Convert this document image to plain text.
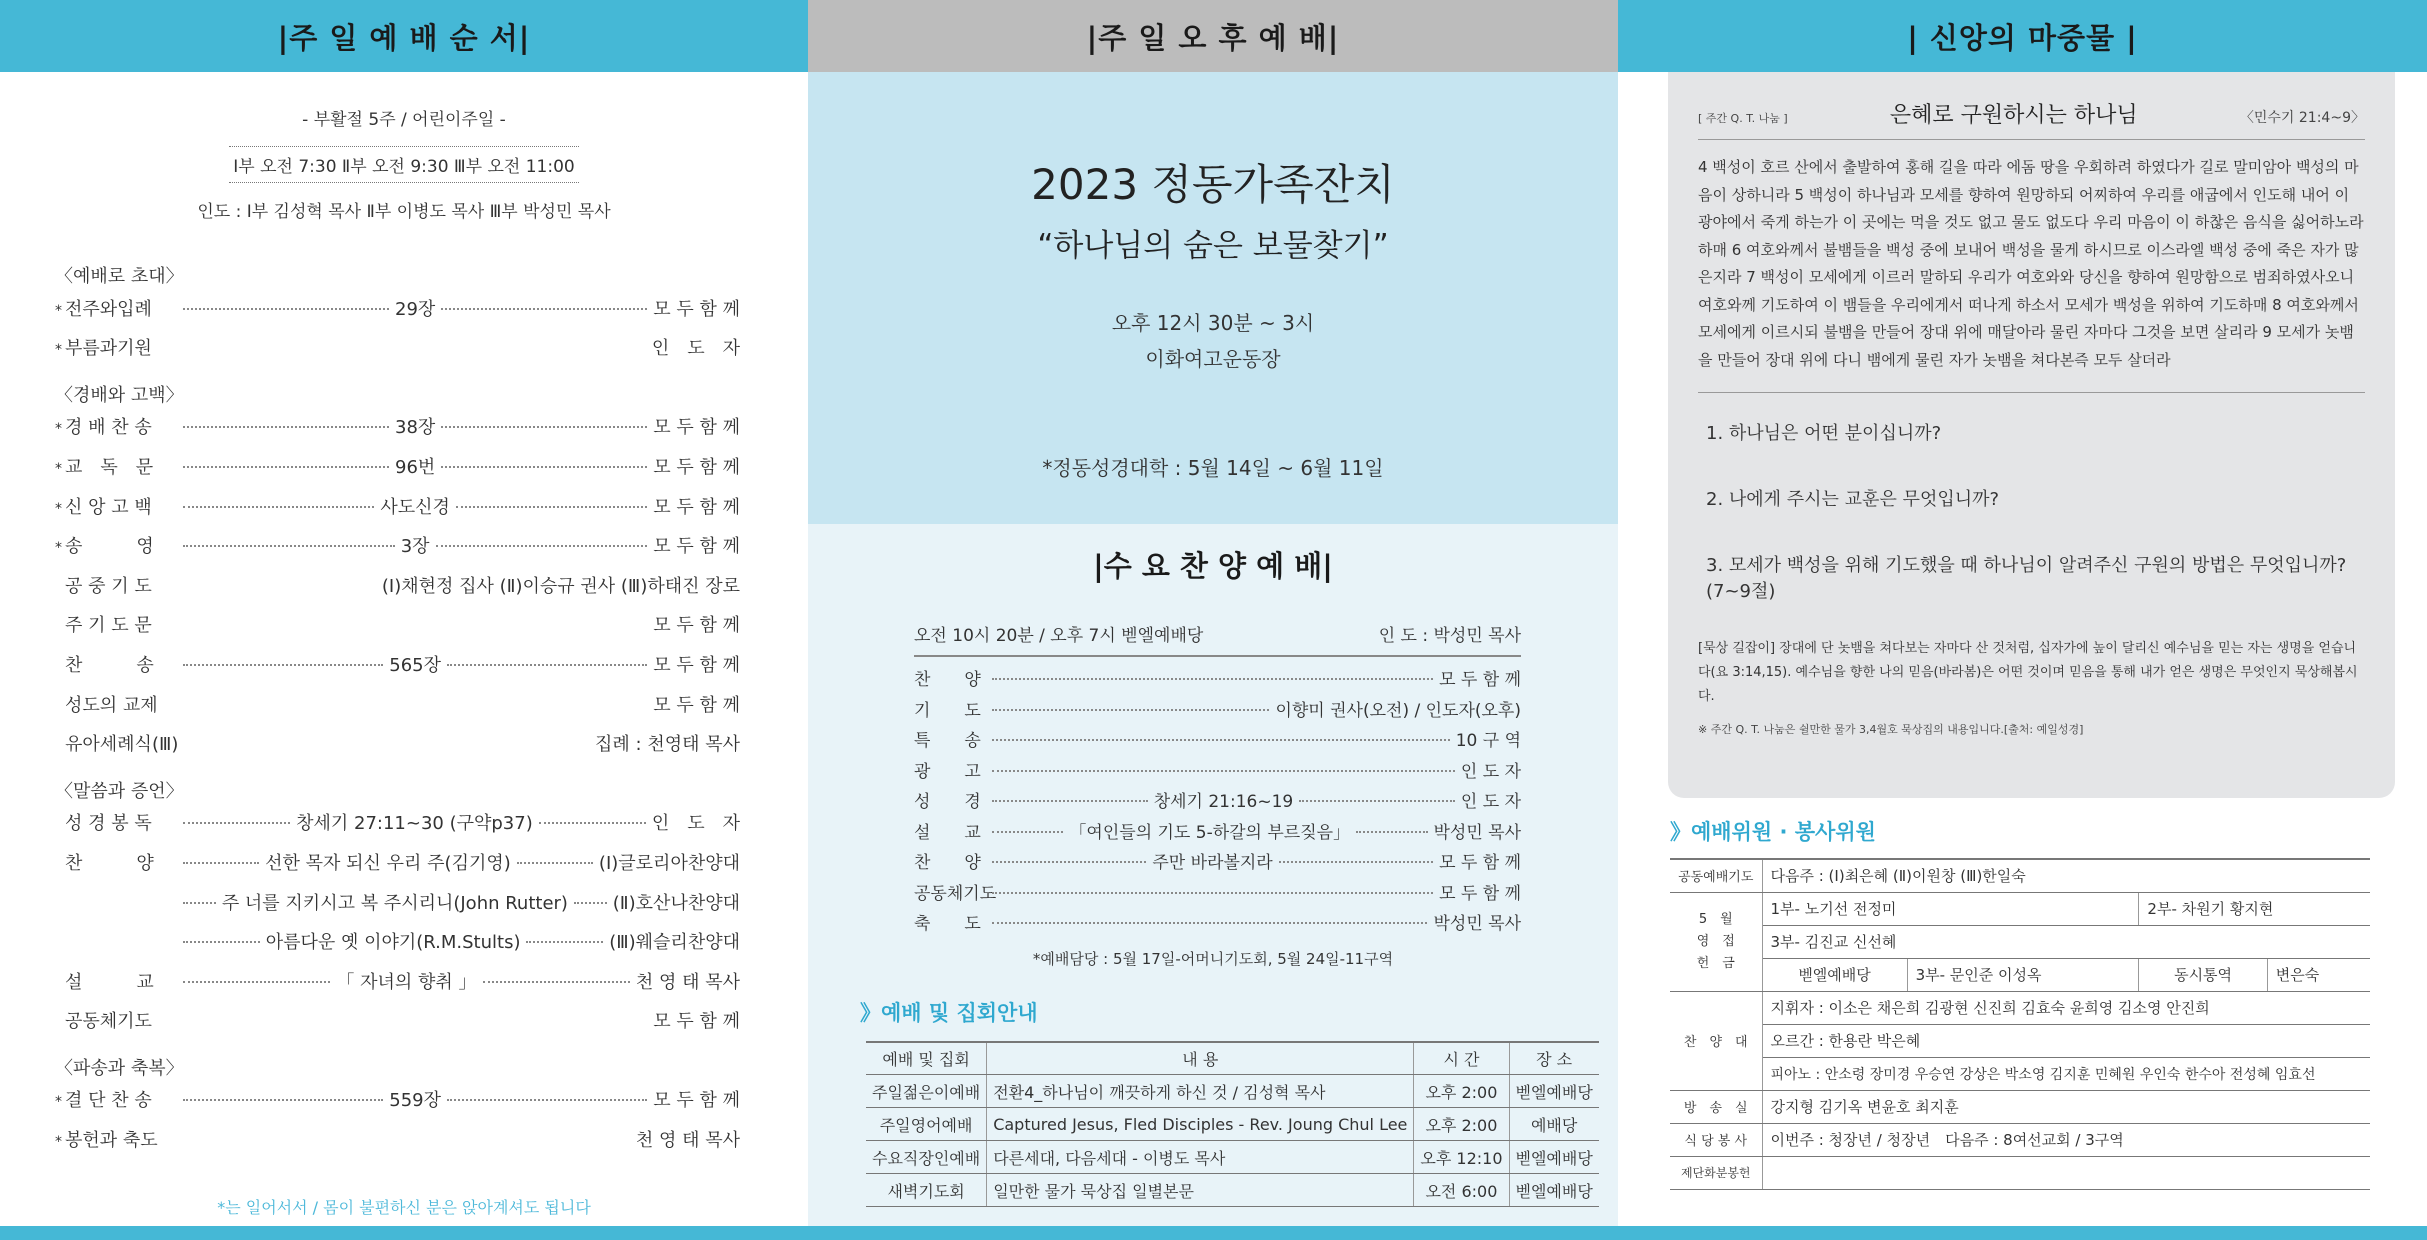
|주 일 예 배 순 서|
- 부활절 5주 / 어린이주일 -
Ⅰ부 오전 7:30 Ⅱ부 오전 9:30 Ⅲ부 오전 11:00
인도 : Ⅰ부 김성혁 목사 Ⅱ부 이병도 목사 Ⅲ부 박성민 목사
〈예배로 초대〉
* 전주와입례	29장	모 두 함 께
* 부름과기원	인　도　자
〈경배와 고백〉
* 경 배 찬 송	38장	모 두 함 께
* 교　독　문	96번	모 두 함 께
* 신 앙 고 백	사도신경	모 두 함 께
* 송　　　영	3장	모 두 함 께
공 중 기 도	(Ⅰ)채현정 집사 (Ⅱ)이승규 권사 (Ⅲ)하태진 장로
주 기 도 문	모 두 함 께
찬　　　송	565장	모 두 함 께
성도의 교제	모 두 함 께
유아세례식(Ⅲ)	집례 : 천영태 목사
〈말씀과 증언〉
성 경 봉 독	창세기 27:11~30 (구약p37)	인　도　자
찬　　　양	선한 목자 되신 우리 주(김기영)	(Ⅰ)글로리아찬양대
주 너를 지키시고 복 주시리니(John Rutter) (Ⅱ)호산나찬양대
아름다운 옛 이야기(R.M.Stults)	(Ⅲ)웨슬리찬양대
설　　　교	「 자녀의 향취 」	천 영 태 목사
공동체기도	모 두 함 께
〈파송과 축복〉
* 결 단 찬 송	559장	모 두 함 께
* 봉헌과 축도	천 영 태 목사
*는 일어서서 / 몸이 불편하신 분은 앉아계셔도 됩니다
|주 일 오 후 예 배|
2023 정동가족잔치
“하나님의 숨은 보물찾기”
오후 12시 30분 ~ 3시
이화여고운동장
*정동성경대학 : 5월 14일 ~ 6월 11일
|수 요 찬 양 예 배|
오전 10시 20분 / 오후 7시 벧엘예배당	인 도 : 박성민 목사
찬　　양	모 두 함 께
기　　도	이향미 권사(오전) / 인도자(오후)
특　　송	10 구 역
광　　고	인 도 자
성　　경	창세기 21:16~19	인 도 자
설　　교	「여인들의 기도 5-하갈의 부르짖음」	박성민 목사
찬　　양	주만 바라볼지라	모 두 함 께
공동체기도	모 두 함 께
축　　도	박성민 목사
*예배담당 : 5월 17일-어머니기도회, 5월 24일-11구역
》예배 및 집회안내
예배 및 집회	내 용	시 간	장 소
주일젊은이예배	전환4_하나님이 깨끗하게 하신 것 / 김성혁 목사	오후 2:00	벧엘예배당
주일영어예배	Captured Jesus, Fled Disciples - Rev. Joung Chul Lee	오후 2:00	예배당
수요직장인예배	다른세대, 다음세대 - 이병도 목사	오후 12:10	벧엘예배당
새벽기도회	일만한 물가 묵상집 일별본문	오전 6:00	벧엘예배당
| 신앙의 마중물 |
[ 주간 Q. T. 나눔 ]	은혜로 구원하시는 하나님	〈민수기 21:4~9〉
4 백성이 호르 산에서 출발하여 홍해 길을 따라 에돔 땅을 우회하려 하였다가 길로 말미암아 백성의 마음이 상하니라 5 백성이 하나님과 모세를 향하여 원망하되 어찌하여 우리를 애굽에서 인도해 내어 이 광야에서 죽게 하는가 이 곳에는 먹을 것도 없고 물도 없도다 우리 마음이 이 하찮은 음식을 싫어하노라 하매 6 여호와께서 불뱀들을 백성 중에 보내어 백성을 물게 하시므로 이스라엘 백성 중에 죽은 자가 많은지라 7 백성이 모세에게 이르러 말하되 우리가 여호와와 당신을 향하여 원망함으로 범죄하였사오니 여호와께 기도하여 이 뱀들을 우리에게서 떠나게 하소서 모세가 백성을 위하여 기도하매 8 여호와께서 모세에게 이르시되 불뱀을 만들어 장대 위에 매달아라 물린 자마다 그것을 보면 살리라 9 모세가 놋뱀을 만들어 장대 위에 다니 뱀에게 물린 자가 놋뱀을 쳐다본즉 모두 살더라
1. 하나님은 어떤 분이십니까?
2. 나에게 주시는 교훈은 무엇입니까?
3. 모세가 백성을 위해 기도했을 때 하나님이 알려주신 구원의 방법은 무엇입니까?(7~9절)
[묵상 길잡이] 장대에 단 놋뱀을 쳐다보는 자마다 산 것처럼, 십자가에 높이 달리신 예수님을 믿는 자는 생명을 얻습니다(요 3:14,15). 예수님을 향한 나의 믿음(바라봄)은 어떤 것이며 믿음을 통해 내가 얻은 생명은 무엇인지 묵상해봅시다.
※ 주간 Q. T. 나눔은 쉴만한 물가 3,4월호 묵상집의 내용입니다.[출처: 예일성경]
》예배위원 · 봉사위원
공동예배기도	다음주 : (Ⅰ)최은혜 (Ⅱ)이원창 (Ⅲ)한일숙			
5　월
영　접
헌　금	1부- 노기선 전정미		2부- 차원기 황지현	
	3부- 김진교 신선혜			
	벧엘예배당	3부- 문인준 이성옥	동시통역	변은숙
찬　양　대	지휘자 : 이소은 채은희 김광현 신진희 김효숙 윤희영 김소영 안진희			
	오르간 : 한용란 박은혜			
	피아노 : 안소령 장미경 우승연 강상은 박소영 김지훈 민혜원 우인숙 한수아 전성혜 임효선			
방　송　실	강지형 김기옥 변윤호 최지훈			
식 당 봉 사	이번주 : 청장년 / 청장년　다음주 : 8여선교회 / 3구역			
제단화분봉헌				
